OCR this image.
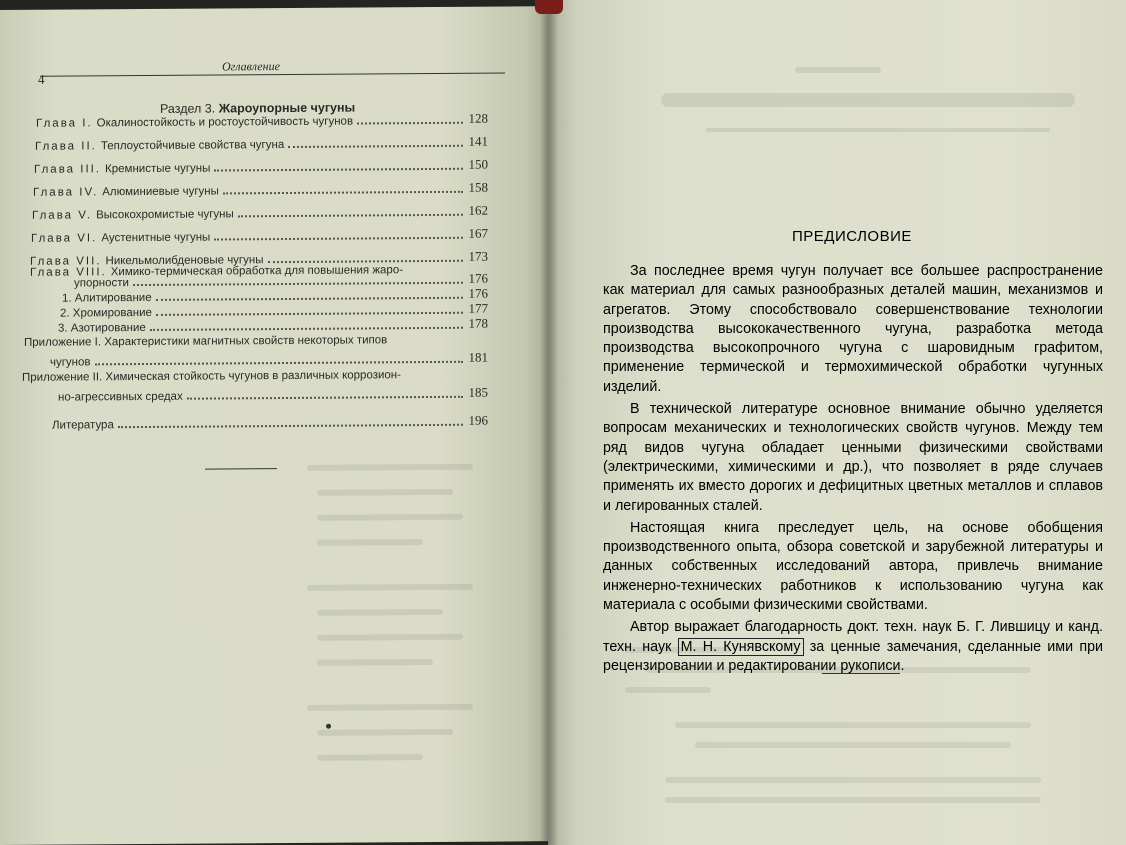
4
Оглавление
Раздел 3. Жароупорные чугуны
Глава I. Окалиностойкость и ростоустойчивость чугунов	128
Глава II. Теплоустойчивые свойства чугуна	141
Глава III. Кремнистые чугуны	150
Глава IV. Алюминиевые чугуны	158
Глава V. Высокохромистые чугуны	162
Глава VI. Аустенитные чугуны	167
Глава VII. Никельмолибденовые чугуны	173
Глава VIII. Химико-термическая обработка для повышения жаро-
упорности	176
1. Алитирование	176
2. Хромирование	177
3. Азотирование	178
Приложение I. Характеристики магнитных свойств некоторых типов
чугунов	181
Приложение II. Химическая стойкость чугунов в различных коррозион-
но-агрессивных средах	185
Литература	196
ПРЕДИСЛОВИЕ

За последнее время чугун получает все большее распространение как материал для самых разнообразных деталей машин, механизмов и агрегатов. Этому способствовало совершенствование технологии производства высококачественного чугуна, разработка метода производства высокопрочного чугуна с шаровидным графитом, применение термической и термохимической обработки чугунных изделий.

В технической литературе основное внимание обычно уделяется вопросам механических и технологических свойств чугунов. Между тем ряд видов чугуна обладает ценными физическими свойствами (электрическими, химическими и др.), что позволяет в ряде случаев применять их вместо дорогих и дефицитных цветных металлов и сплавов и легированных сталей.

Настоящая книга преследует цель, на основе обобщения производственного опыта, обзора советской и зарубежной литературы и данных собственных исследований автора, привлечь внимание инженерно-технических работников к использованию чугуна как материала с особыми физическими свойствами.

Автор выражает благодарность докт. техн. наук Б. Г. Лившицу и канд. техн. наук М. Н. Кунявскому за ценные замечания, сделанные ими при рецензировании и редактировании рукописи.
